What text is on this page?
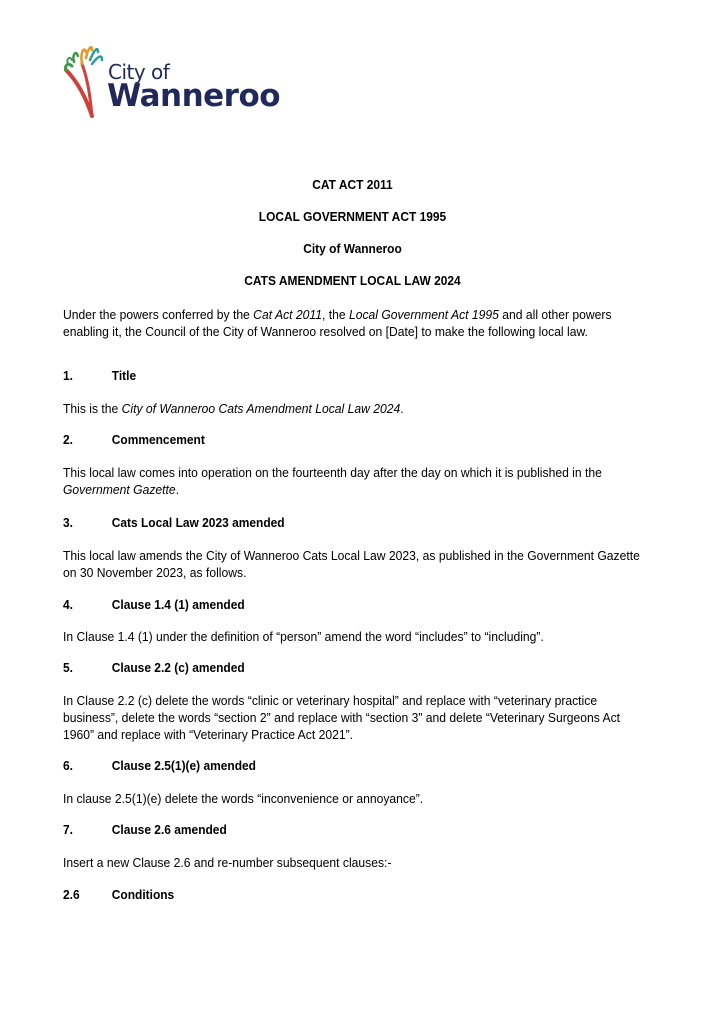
City of
Wanneroo
CAT ACT 2011
LOCAL GOVERNMENT ACT 1995
City of Wanneroo
CATS AMENDMENT LOCAL LAW 2024
Under the powers conferred by the Cat Act 2011, the Local Government Act 1995 and all other powers enabling it, the Council of the City of Wanneroo resolved on [Date] to make the following local law.
1.	Title
This is the City of Wanneroo Cats Amendment Local Law 2024.
2.	Commencement
This local law comes into operation on the fourteenth day after the day on which it is published in the Government Gazette.
3.	Cats Local Law 2023 amended
This local law amends the City of Wanneroo Cats Local Law 2023, as published in the Government Gazette on 30 November 2023, as follows.
4.	Clause 1.4 (1) amended
In Clause 1.4 (1) under the definition of “person” amend the word “includes” to “including”.
5.	Clause 2.2 (c) amended
In Clause 2.2 (c) delete the words “clinic or veterinary hospital” and replace with “veterinary practice business”, delete the words “section 2” and replace with “section 3” and delete “Veterinary Surgeons Act 1960” and replace with “Veterinary Practice Act 2021”.
6.	Clause 2.5(1)(e) amended
In clause 2.5(1)(e) delete the words “inconvenience or annoyance”.
7.	Clause 2.6 amended
Insert a new Clause 2.6 and re-number subsequent clauses:-
2.6 Conditions
